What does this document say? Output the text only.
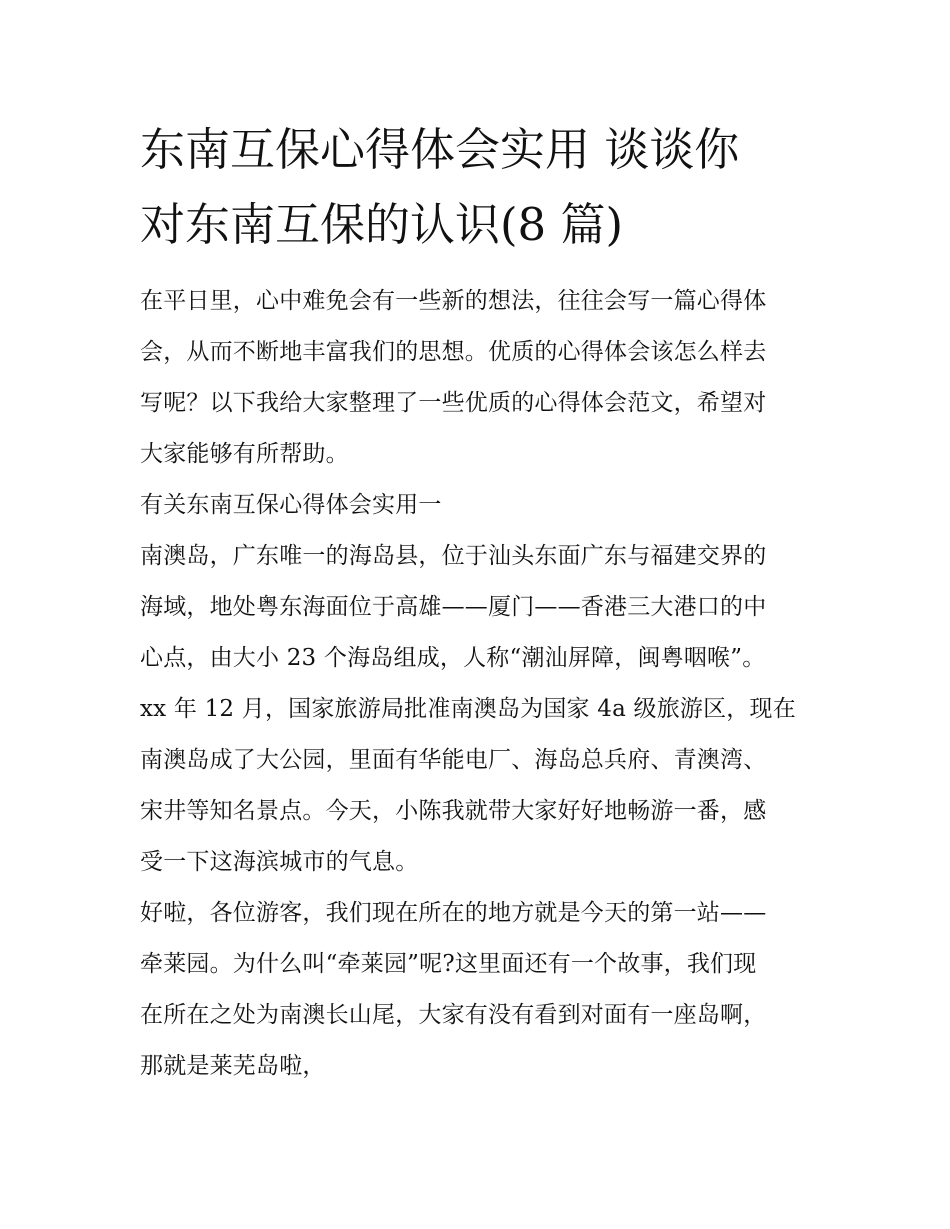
东南互保心得体会实用 谈谈你
对东南互保的认识(8 篇)
在平日里，心中难免会有一些新的想法，往往会写一篇心得体
会，从而不断地丰富我们的思想。优质的心得体会该怎么样去
写呢？以下我给大家整理了一些优质的心得体会范文，希望对
大家能够有所帮助。
有关东南互保心得体会实用一
南澳岛，广东唯一的海岛县，位于汕头东面广东与福建交界的
海域，地处粤东海面位于高雄——厦门——香港三大港口的中
心点，由大小 23 个海岛组成，人称“潮汕屏障，闽粤咽喉”。
xx 年 12 月，国家旅游局批准南澳岛为国家 4a 级旅游区，现在
南澳岛成了大公园，里面有华能电厂、海岛总兵府、青澳湾、
宋井等知名景点。今天，小陈我就带大家好好地畅游一番，感
受一下这海滨城市的气息。
好啦，各位游客，我们现在所在的地方就是今天的第一站——
牵莱园。为什么叫“牵莱园”呢?这里面还有一个故事，我们现
在所在之处为南澳长山尾，大家有没有看到对面有一座岛啊，
那就是莱芜岛啦，
